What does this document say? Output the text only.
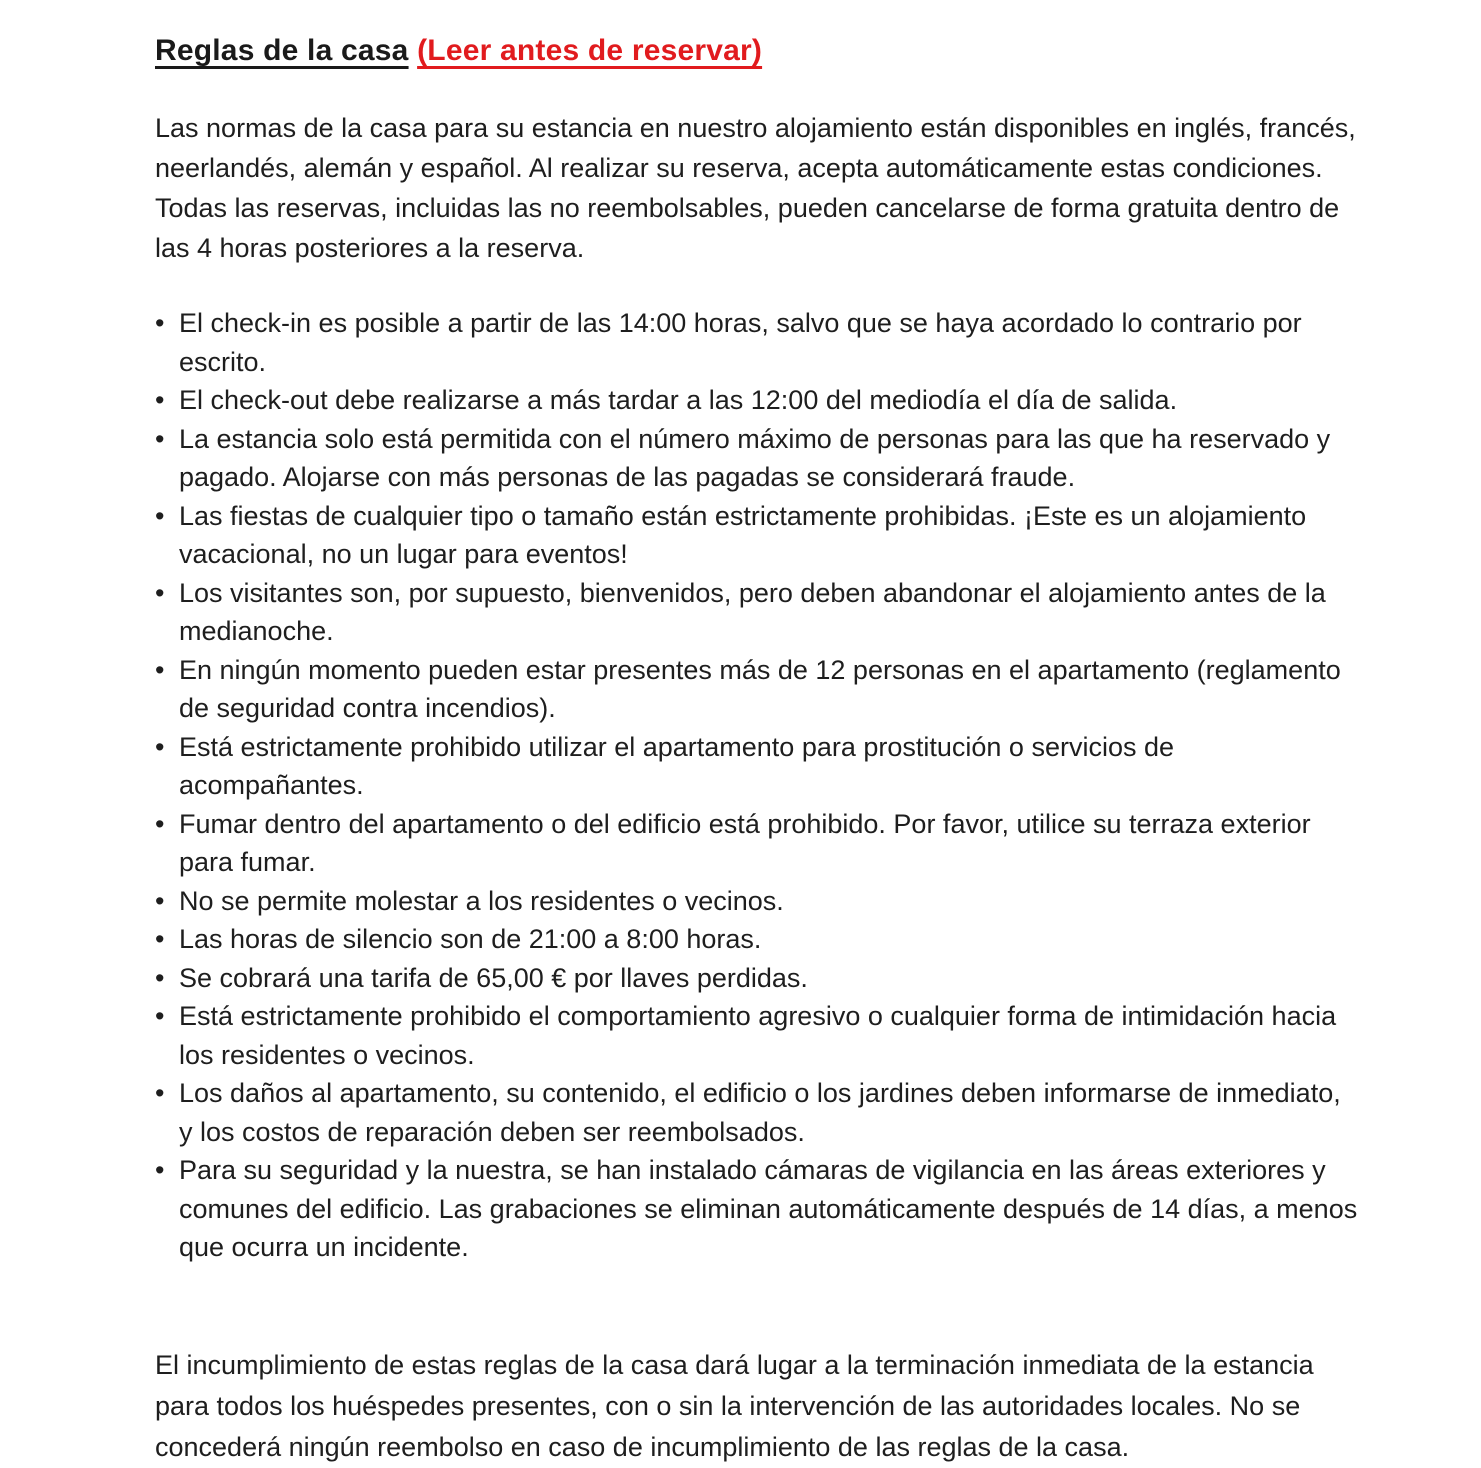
Reglas de la casa (Leer antes de reservar)

Las normas de la casa para su estancia en nuestro alojamiento están disponibles en inglés, francés, neerlandés, alemán y español. Al realizar su reserva, acepta automáticamente estas condiciones. Todas las reservas, incluidas las no reembolsables, pueden cancelarse de forma gratuita dentro de las 4 horas posteriores a la reserva.

• El check-in es posible a partir de las 14:00 horas, salvo que se haya acordado lo contrario por escrito.
• El check-out debe realizarse a más tardar a las 12:00 del mediodía el día de salida.
• La estancia solo está permitida con el número máximo de personas para las que ha reservado y pagado. Alojarse con más personas de las pagadas se considerará fraude.
• Las fiestas de cualquier tipo o tamaño están estrictamente prohibidas. ¡Este es un alojamiento vacacional, no un lugar para eventos!
• Los visitantes son, por supuesto, bienvenidos, pero deben abandonar el alojamiento antes de la medianoche.
• En ningún momento pueden estar presentes más de 12 personas en el apartamento (reglamento de seguridad contra incendios).
• Está estrictamente prohibido utilizar el apartamento para prostitución o servicios de acompañantes.
• Fumar dentro del apartamento o del edificio está prohibido. Por favor, utilice su terraza exterior para fumar.
• No se permite molestar a los residentes o vecinos.
• Las horas de silencio son de 21:00 a 8:00 horas.
• Se cobrará una tarifa de 65,00 € por llaves perdidas.
• Está estrictamente prohibido el comportamiento agresivo o cualquier forma de intimidación hacia los residentes o vecinos.
• Los daños al apartamento, su contenido, el edificio o los jardines deben informarse de inmediato, y los costos de reparación deben ser reembolsados.
• Para su seguridad y la nuestra, se han instalado cámaras de vigilancia en las áreas exteriores y comunes del edificio. Las grabaciones se eliminan automáticamente después de 14 días, a menos que ocurra un incidente.

El incumplimiento de estas reglas de la casa dará lugar a la terminación inmediata de la estancia para todos los huéspedes presentes, con o sin la intervención de las autoridades locales. No se concederá ningún reembolso en caso de incumplimiento de las reglas de la casa.
